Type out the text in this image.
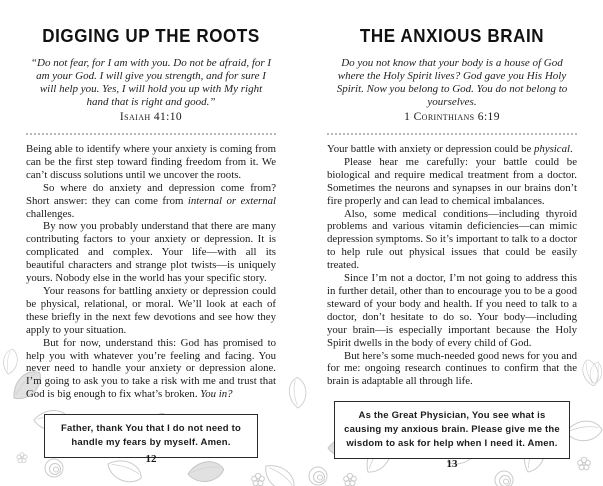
DIGGING UP THE ROOTS
“Do not fear, for I am with you. Do not be afraid, for I am your God. I will give you strength, and for sure I will help you. Yes, I will hold you up with My right hand that is right and good.”
Isaiah 41:10

Being able to identify where your anxiety is coming from can be the first step toward finding freedom from it. We can’t discuss solutions until we uncover the roots.

So where do anxiety and depression come from? Short answer: they can come from internal or external challenges.

By now you probably understand that there are many contributing factors to your anxiety or depression. It is complicated and complex. Your life—with all its beautiful characters and strange plot twists—is uniquely yours. Nobody else in the world has your specific story.

Your reasons for battling anxiety or depression could be physical, relational, or moral. We’ll look at each of these briefly in the next few devotions and see how they apply to your situation.

But for now, understand this: God has promised to help you with whatever you’re feeling and facing. You never need to handle your anxiety or depression alone. I’m going to ask you to take a risk with me and trust that God is big enough to fix what’s broken. You in?

Father, thank You that I do not need to handle my fears by myself. Amen.
12
THE ANXIOUS BRAIN
Do you not know that your body is a house of God where the Holy Spirit lives? God gave you His Holy Spirit. Now you belong to God. You do not belong to yourselves.
1 Corinthians 6:19

Your battle with anxiety or depression could be physical.

Please hear me carefully: your battle could be biological and require medical treatment from a doctor. Sometimes the neurons and synapses in our brains don’t fire properly and can lead to chemical imbalances.

Also, some medical conditions—including thyroid problems and various vitamin deficiencies—can mimic depression symptoms. So it’s important to talk to a doctor to help rule out physical issues that could be easily treated.

Since I’m not a doctor, I’m not going to address this in further detail, other than to encourage you to be a good steward of your body and health. If you need to talk to a doctor, don’t hesitate to do so. Your body—including your brain—is especially important because the Holy Spirit dwells in the body of every child of God.

But here’s some much-needed good news for you and for me: ongoing research continues to confirm that the brain is adaptable all through life.

As the Great Physician, You see what is causing my anxious brain. Please give me the wisdom to ask for help when I need it. Amen.
13
